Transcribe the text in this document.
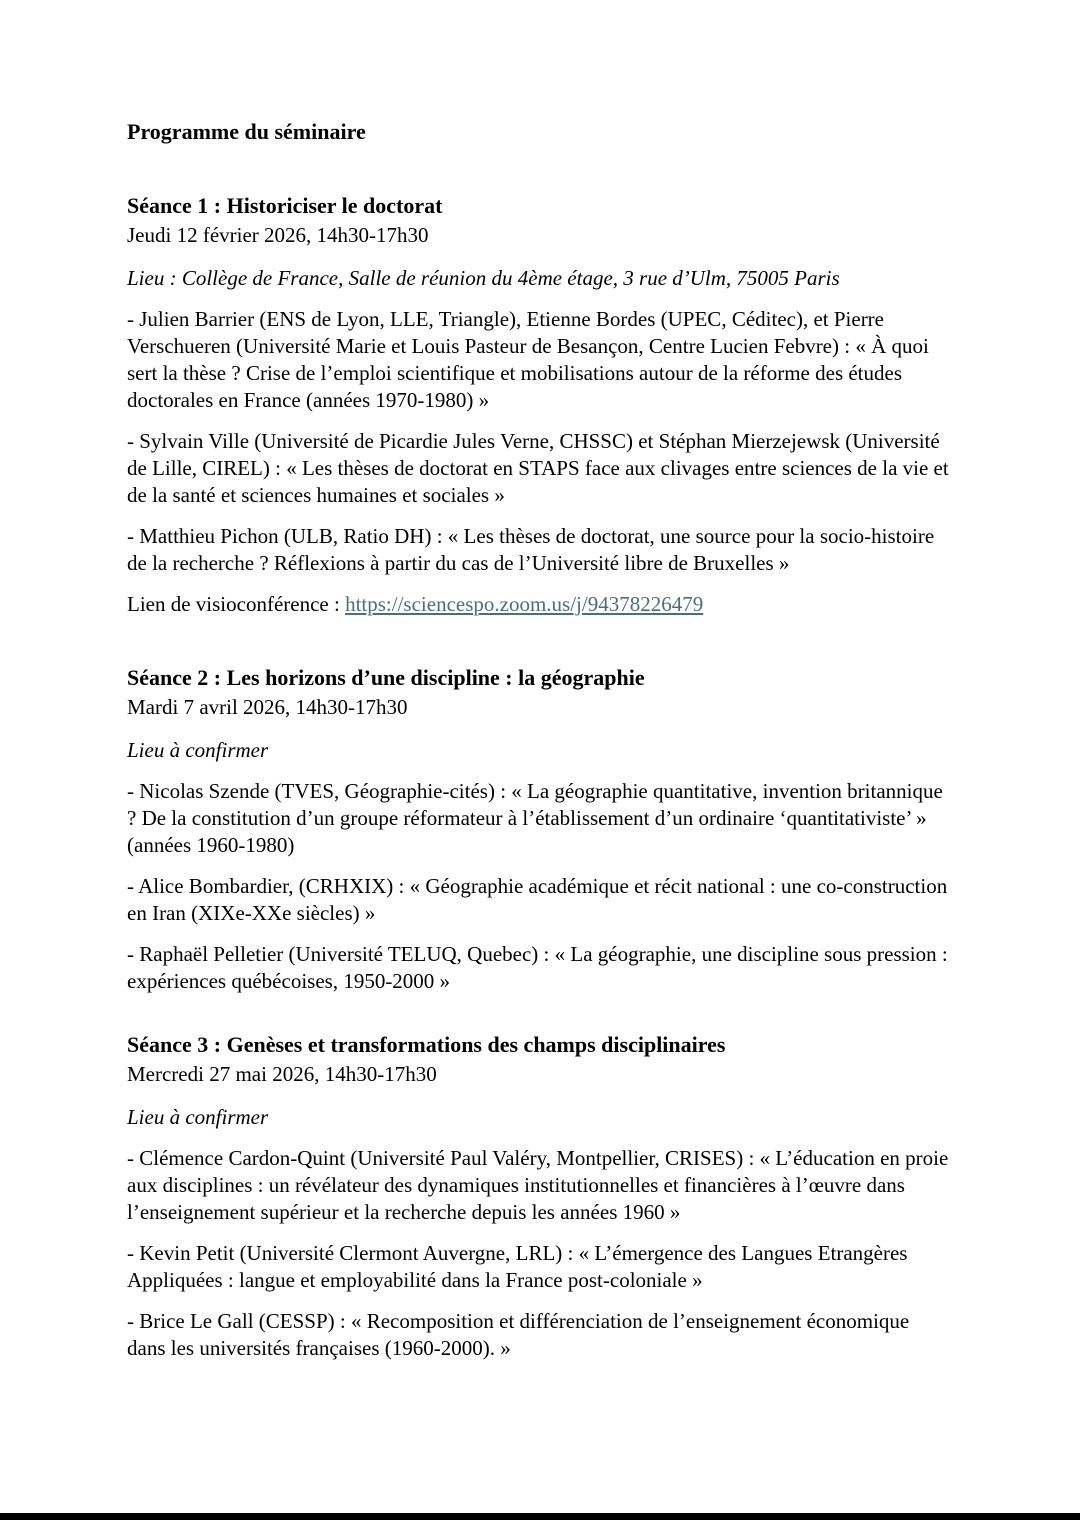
Programme du séminaire
Séance 1 : Historiciser le doctorat

Jeudi 12 février 2026, 14h30-17h30

Lieu : Collège de France, Salle de réunion du 4ème étage, 3 rue d’Ulm, 75005 Paris

- Julien Barrier (ENS de Lyon, LLE, Triangle), Etienne Bordes (UPEC, Céditec), et Pierre Verschueren (Université Marie et Louis Pasteur de Besançon, Centre Lucien Febvre) : « À quoi sert la thèse ? Crise de l’emploi scientifique et mobilisations autour de la réforme des études doctorales en France (années 1970-1980) »

- Sylvain Ville (Université de Picardie Jules Verne, CHSSC) et Stéphan Mierzejewsk (Université de Lille, CIREL) : « Les thèses de doctorat en STAPS face aux clivages entre sciences de la vie et de la santé et sciences humaines et sociales »

- Matthieu Pichon (ULB, Ratio DH) : « Les thèses de doctorat, une source pour la socio-histoire de la recherche ? Réflexions à partir du cas de l’Université libre de Bruxelles »

Lien de visioconférence : https://sciencespo.zoom.us/j/94378226479

Séance 2 : Les horizons d’une discipline : la géographie

Mardi 7 avril 2026, 14h30-17h30

Lieu à confirmer

- Nicolas Szende (TVES, Géographie-cités) : « La géographie quantitative, invention britannique ? De la constitution d’un groupe réformateur à l’établissement d’un ordinaire ‘quantitativiste’ » (années 1960-1980)

- Alice Bombardier, (CRHXIX) : « Géographie académique et récit national : une co-construction en Iran (XIXe-XXe siècles) »

- Raphaël Pelletier (Université TELUQ, Quebec) : « La géographie, une discipline sous pression : expériences québécoises, 1950-2000 »

Séance 3 : Genèses et transformations des champs disciplinaires

Mercredi 27 mai 2026, 14h30-17h30

Lieu à confirmer

- Clémence Cardon-Quint (Université Paul Valéry, Montpellier, CRISES) : « L’éducation en proie aux disciplines : un révélateur des dynamiques institutionnelles et financières à l’œuvre dans l’enseignement supérieur et la recherche depuis les années 1960 »

- Kevin Petit (Université Clermont Auvergne, LRL) : « L’émergence des Langues Etrangères Appliquées : langue et employabilité dans la France post-coloniale »

- Brice Le Gall (CESSP) : « Recomposition et différenciation de l’enseignement économique dans les universités françaises (1960-2000). »
